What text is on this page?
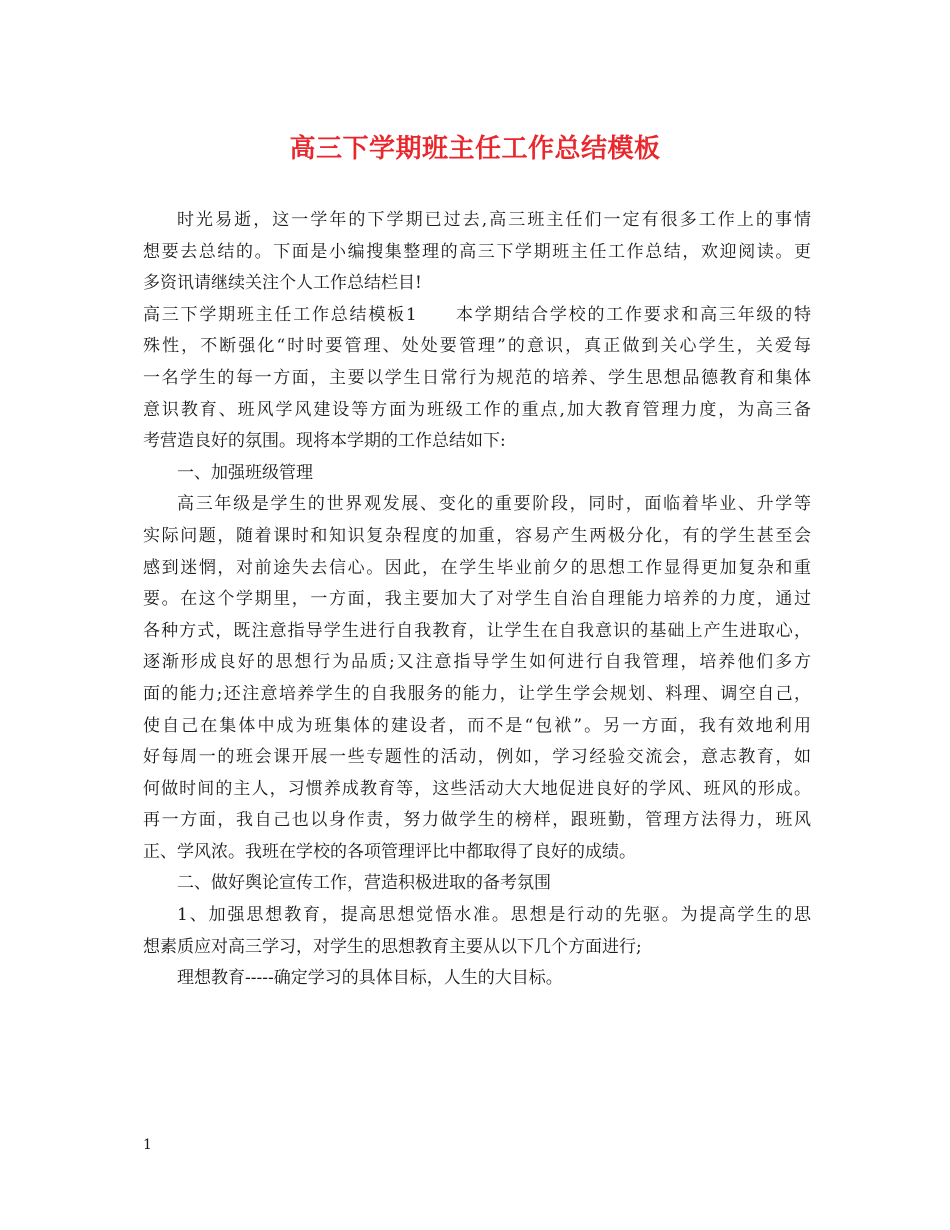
高三下学期班主任工作总结模板
时光易逝，这一学年的下学期已过去,高三班主任们一定有很多工作上的事情
想要去总结的。下面是小编搜集整理的高三下学期班主任工作总结，欢迎阅读。更
多资讯请继续关注个人工作总结栏目!
高三下学期班主任工作总结模板1　　本学期结合学校的工作要求和高三年级的特
殊性，不断强化“时时要管理、处处要管理”的意识，真正做到关心学生，关爱每
一名学生的每一方面，主要以学生日常行为规范的培养、学生思想品德教育和集体
意识教育、班风学风建设等方面为班级工作的重点,加大教育管理力度，为高三备
考营造良好的氛围。现将本学期的工作总结如下:
一、加强班级管理
高三年级是学生的世界观发展、变化的重要阶段，同时，面临着毕业、升学等
实际问题，随着课时和知识复杂程度的加重，容易产生两极分化，有的学生甚至会
感到迷惘，对前途失去信心。因此，在学生毕业前夕的思想工作显得更加复杂和重
要。在这个学期里，一方面，我主要加大了对学生自治自理能力培养的力度，通过
各种方式，既注意指导学生进行自我教育，让学生在自我意识的基础上产生进取心，
逐渐形成良好的思想行为品质;又注意指导学生如何进行自我管理，培养他们多方
面的能力;还注意培养学生的自我服务的能力，让学生学会规划、料理、调空自己，
使自己在集体中成为班集体的建设者，而不是“包袱”。另一方面，我有效地利用
好每周一的班会课开展一些专题性的活动，例如，学习经验交流会，意志教育，如
何做时间的主人，习惯养成教育等，这些活动大大地促进良好的学风、班风的形成。
再一方面，我自己也以身作责，努力做学生的榜样，跟班勤，管理方法得力，班风
正、学风浓。我班在学校的各项管理评比中都取得了良好的成绩。
二、做好舆论宣传工作，营造积极进取的备考氛围
1、加强思想教育，提高思想觉悟水准。思想是行动的先驱。为提高学生的思
想素质应对高三学习，对学生的思想教育主要从以下几个方面进行;
理想教育-----确定学习的具体目标，人生的大目标。
1
